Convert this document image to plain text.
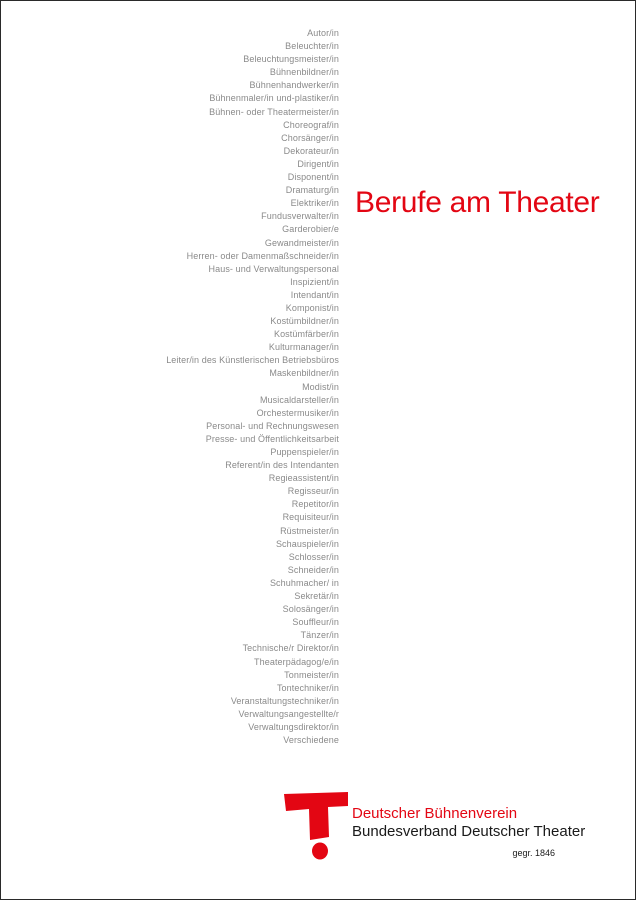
Autor/in
Beleuchter/in
Beleuchtungsmeister/in
Bühnenbildner/in
Bühnenhandwerker/in
Bühnenmaler/in und-plastiker/in
Bühnen- oder Theatermeister/in
Choreograf/in
Chorsänger/in
Dekorateur/in
Dirigent/in
Disponent/in
Dramaturg/in
Elektriker/in
Fundusverwalter/in
Garderobier/e
Gewandmeister/in
Herren- oder Damenmaßschneider/in
Haus- und Verwaltungspersonal
Inspizient/in
Intendant/in
Komponist/in
Kostümbildner/in
Kostümfärber/in
Kulturmanager/in
Leiter/in des Künstlerischen Betriebsbüros
Maskenbildner/in
Modist/in
Musicaldarsteller/in
Orchestermusiker/in
Personal- und Rechnungswesen
Presse- und Öffentlichkeitsarbeit
Puppenspieler/in
Referent/in des Intendanten
Regieassistent/in
Regisseur/in
Repetitor/in
Requisiteur/in
Rüstmeister/in
Schauspieler/in
Schlosser/in
Schneider/in
Schuhmacher/ in
Sekretär/in
Solosänger/in
Souffleur/in
Tänzer/in
Technische/r Direktor/in
Theaterpädagog/e/in
Tonmeister/in
Tontechniker/in
Veranstaltungstechniker/in
Verwaltungsangestellte/r
Verwaltungsdirektor/in
Verschiedene
Berufe am Theater
Deutscher Bühnenverein
Bundesverband Deutscher Theater
gegr. 1846
